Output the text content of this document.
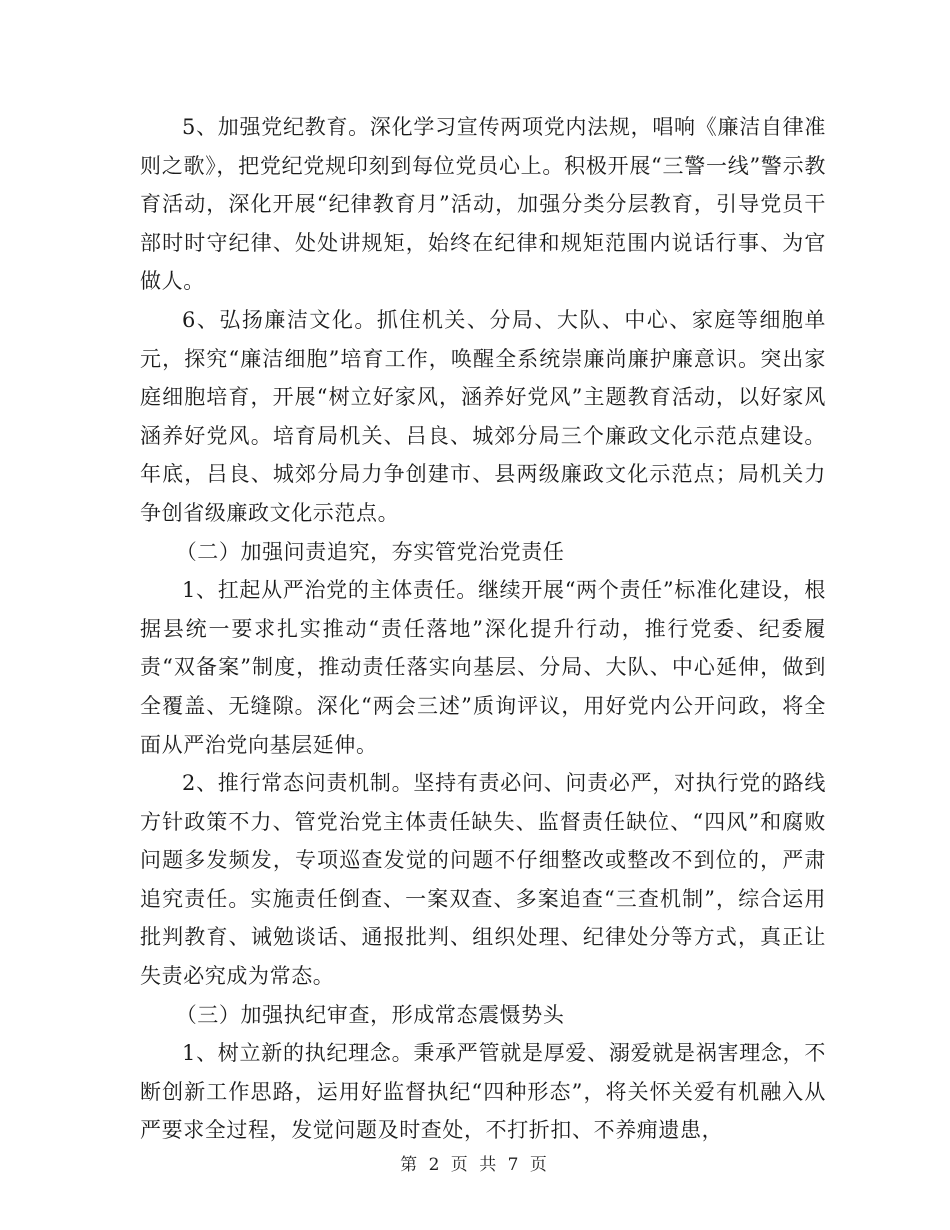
5、加强党纪教育。深化学习宣传两项党内法规，唱响《廉洁自律准则之歌》，把党纪党规印刻到每位党员心上。积极开展“三警一线”警示教育活动，深化开展“纪律教育月”活动，加强分类分层教育，引导党员干部时时守纪律、处处讲规矩，始终在纪律和规矩范围内说话行事、为官做人。

6、弘扬廉洁文化。抓住机关、分局、大队、中心、家庭等细胞单元，探究“廉洁细胞”培育工作，唤醒全系统崇廉尚廉护廉意识。突出家庭细胞培育，开展“树立好家风，涵养好党风”主题教育活动，以好家风涵养好党风。培育局机关、吕良、城郊分局三个廉政文化示范点建设。年底，吕良、城郊分局力争创建市、县两级廉政文化示范点；局机关力争创省级廉政文化示范点。

（二）加强问责追究，夯实管党治党责任

1、扛起从严治党的主体责任。继续开展“两个责任”标准化建设，根据县统一要求扎实推动“责任落地”深化提升行动，推行党委、纪委履责“双备案”制度，推动责任落实向基层、分局、大队、中心延伸，做到全覆盖、无缝隙。深化“两会三述”质询评议，用好党内公开问政，将全面从严治党向基层延伸。

2、推行常态问责机制。坚持有责必问、问责必严，对执行党的路线方针政策不力、管党治党主体责任缺失、监督责任缺位、“四风”和腐败问题多发频发，专项巡查发觉的问题不仔细整改或整改不到位的，严肃追究责任。实施责任倒查、一案双查、多案追查“三查机制”，综合运用批判教育、诫勉谈话、通报批判、组织处理、纪律处分等方式，真正让失责必究成为常态。

（三）加强执纪审查，形成常态震慑势头

1、树立新的执纪理念。秉承严管就是厚爱、溺爱就是祸害理念，不断创新工作思路，运用好监督执纪“四种形态”，将关怀关爱有机融入从严要求全过程，发觉问题及时查处，不打折扣、不养痈遗患，

第 2 页 共 7 页
